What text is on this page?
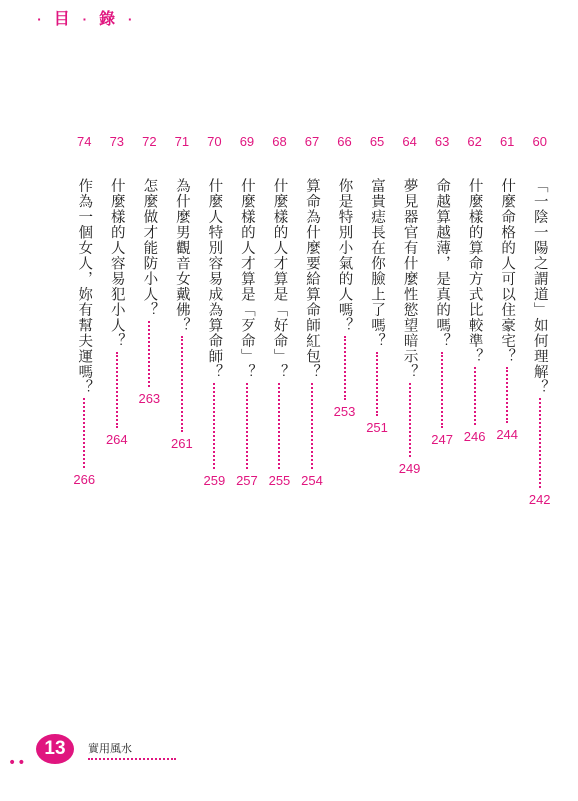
· 目 · 錄 ·
60
「一陰一陽之謂道」如何理解？
242
61
什麼命格的人可以住豪宅？
244
62
什麼樣的算命方式比較準？
246
63
命越算越薄，是真的嗎？
247
64
夢見器官有什麼性慾望暗示？
249
65
富貴痣長在你臉上了嗎？
251
66
你是特別小氣的人嗎？
253
67
算命為什麼要給算命師紅包？
254
68
什麼樣的人才算是「好命」？
255
69
什麼樣的人才算是「歹命」？
257
70
什麼人特別容易成為算命師？
259
71
為什麼男觀音女戴佛？
261
72
怎麼做才能防小人？
263
73
什麼樣的人容易犯小人？
264
74
作為一個女人，妳有幫夫運嗎？
266
••
13	實用風水
